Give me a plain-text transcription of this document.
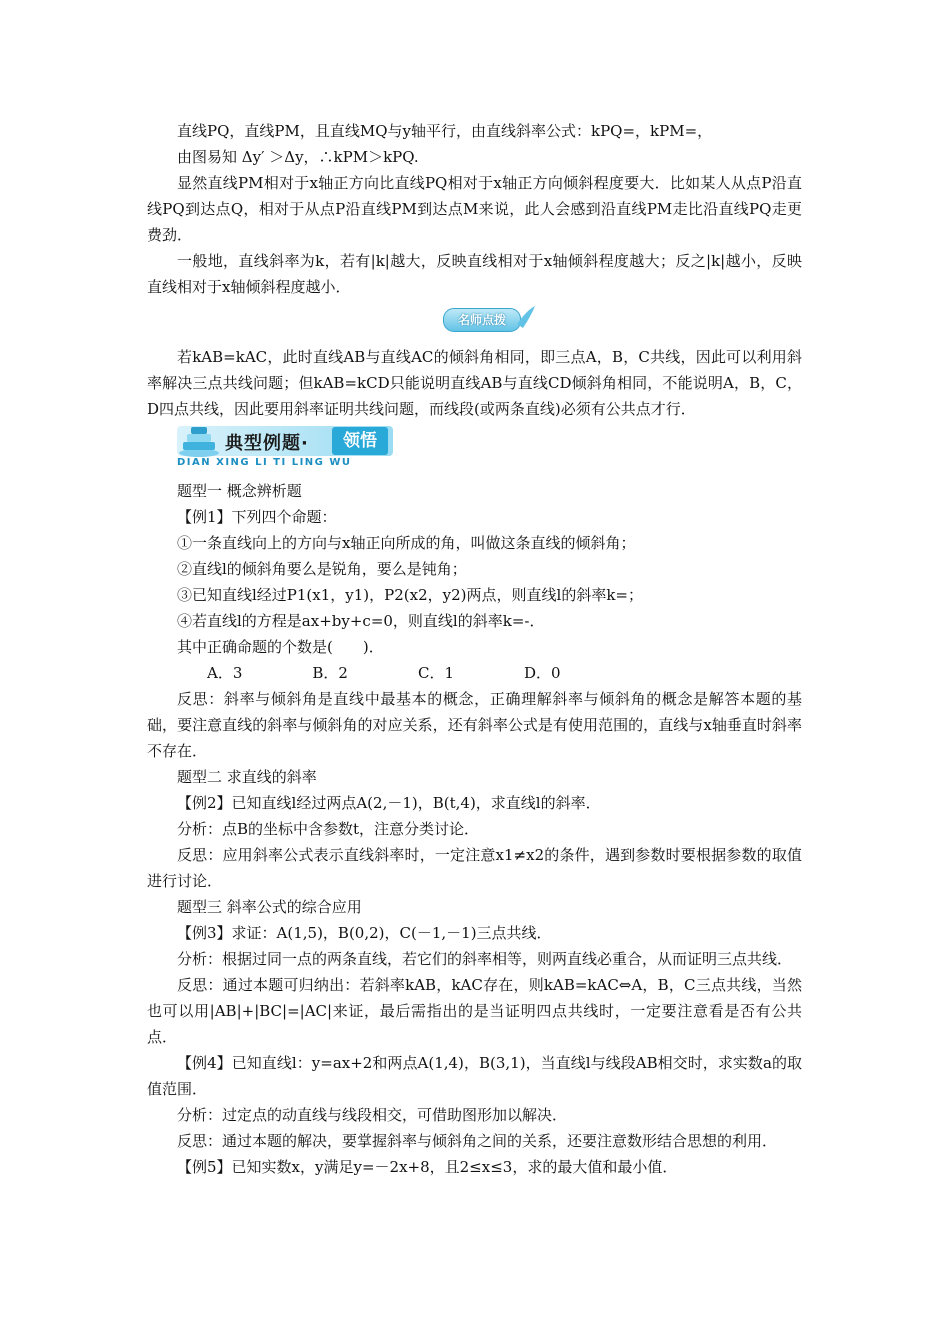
直线PQ，直线PM，且直线MQ与y轴平行，由直线斜率公式：kPQ=，kPM=，

由图易知 Δy′ ＞Δy，∴kPM＞kPQ.

显然直线PM相对于x轴正方向比直线PQ相对于x轴正方向倾斜程度要大．比如某人从点P沿直线PQ到达点Q，相对于从点P沿直线PM到达点M来说，此人会感到沿直线PM走比沿直线PQ走更费劲．

一般地，直线斜率为k，若有|k|越大，反映直线相对于x轴倾斜程度越大；反之|k|越小，反映直线相对于x轴倾斜程度越小．

名师点拨

若kAB=kAC，此时直线AB与直线AC的倾斜角相同，即三点A，B，C共线，因此可以利用斜率解决三点共线问题；但kAB=kCD只能说明直线AB与直线CD倾斜角相同，不能说明A，B，C，D四点共线，因此要用斜率证明共线问题，而线段(或两条直线)必须有公共点才行．

典型例题·	领悟
DIAN XING LI TI LING WU

题型一 概念辨析题

【例1】下列四个命题：

①一条直线向上的方向与x轴正向所成的角，叫做这条直线的倾斜角；

②直线l的倾斜角要么是锐角，要么是钝角；

③已知直线l经过P1(x1，y1)，P2(x2，y2)两点，则直线l的斜率k=；

④若直线l的方程是ax+by+c=0，则直线l的斜率k=-．

其中正确命题的个数是(　　)．

A．3	B．2	C．1	D．0

反思：斜率与倾斜角是直线中最基本的概念，正确理解斜率与倾斜角的概念是解答本题的基础，要注意直线的斜率与倾斜角的对应关系，还有斜率公式是有使用范围的，直线与x轴垂直时斜率不存在．

题型二 求直线的斜率

【例2】已知直线l经过两点A(2,－1)，B(t,4)，求直线l的斜率．

分析：点B的坐标中含参数t，注意分类讨论．

反思：应用斜率公式表示直线斜率时，一定注意x1≠x2的条件，遇到参数时要根据参数的取值进行讨论．

题型三 斜率公式的综合应用

【例3】求证：A(1,5)，B(0,2)，C(－1,－1)三点共线．

分析：根据过同一点的两条直线，若它们的斜率相等，则两直线必重合，从而证明三点共线．

反思：通过本题可归纳出：若斜率kAB，kAC存在，则kAB=kAC⇔A，B，C三点共线，当然也可以用|AB|+|BC|=|AC|来证，最后需指出的是当证明四点共线时，一定要注意看是否有公共点．

【例4】已知直线l：y=ax+2和两点A(1,4)，B(3,1)，当直线l与线段AB相交时，求实数a的取值范围．

分析：过定点的动直线与线段相交，可借助图形加以解决．

反思：通过本题的解决，要掌握斜率与倾斜角之间的关系，还要注意数形结合思想的利用．

【例5】已知实数x，y满足y=－2x+8，且2≤x≤3，求的最大值和最小值．
